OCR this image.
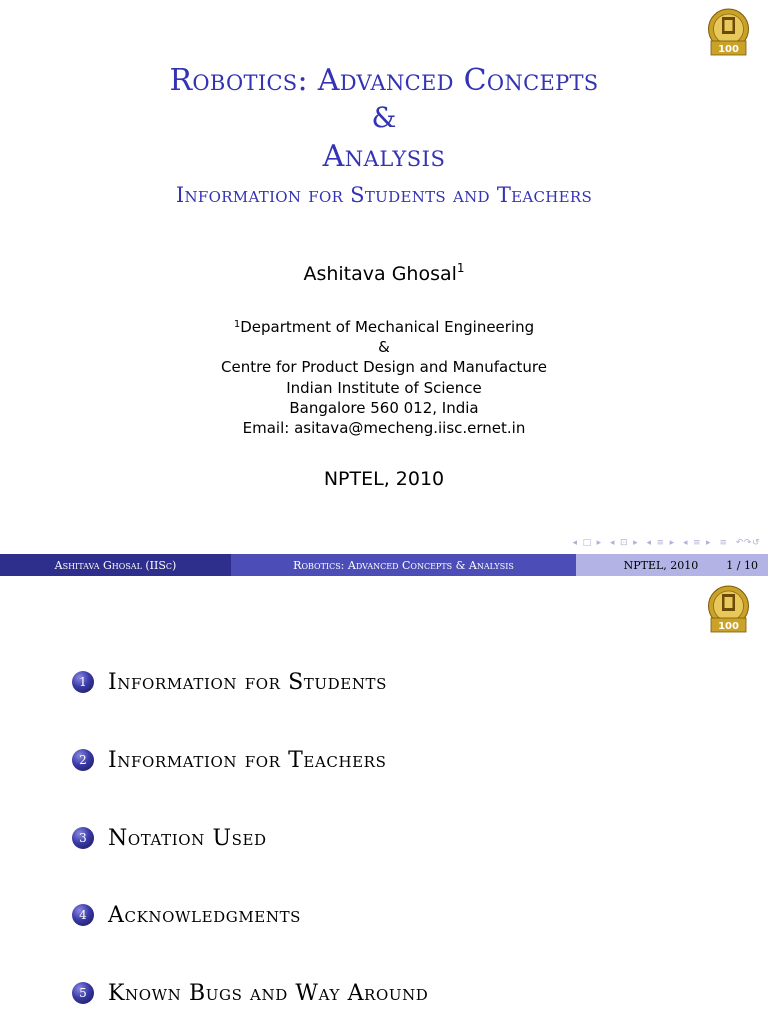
100
Robotics: Advanced Concepts
&
Analysis
Information for Students and Teachers
Ashitava Ghosal$^1$
$^1$Department of Mechanical Engineering
&
Centre for Product Design and Manufacture
Indian Institute of Science
Bangalore 560 012, India
Email: asitava@mecheng.iisc.ernet.in
NPTEL, 2010
◂ □ ▸ ◂ ⊡ ▸ ◂ ≡ ▸ ◂ ≡ ▸ ≡ ↶↷↺
Ashitava Ghosal (IISc)	Robotics: Advanced Concepts & Analysis	NPTEL, 2010	1 / 10
100
1 Information for Students
2 Information for Teachers
3 Notation Used
4 Acknowledgments
5 Known Bugs and Way Around
